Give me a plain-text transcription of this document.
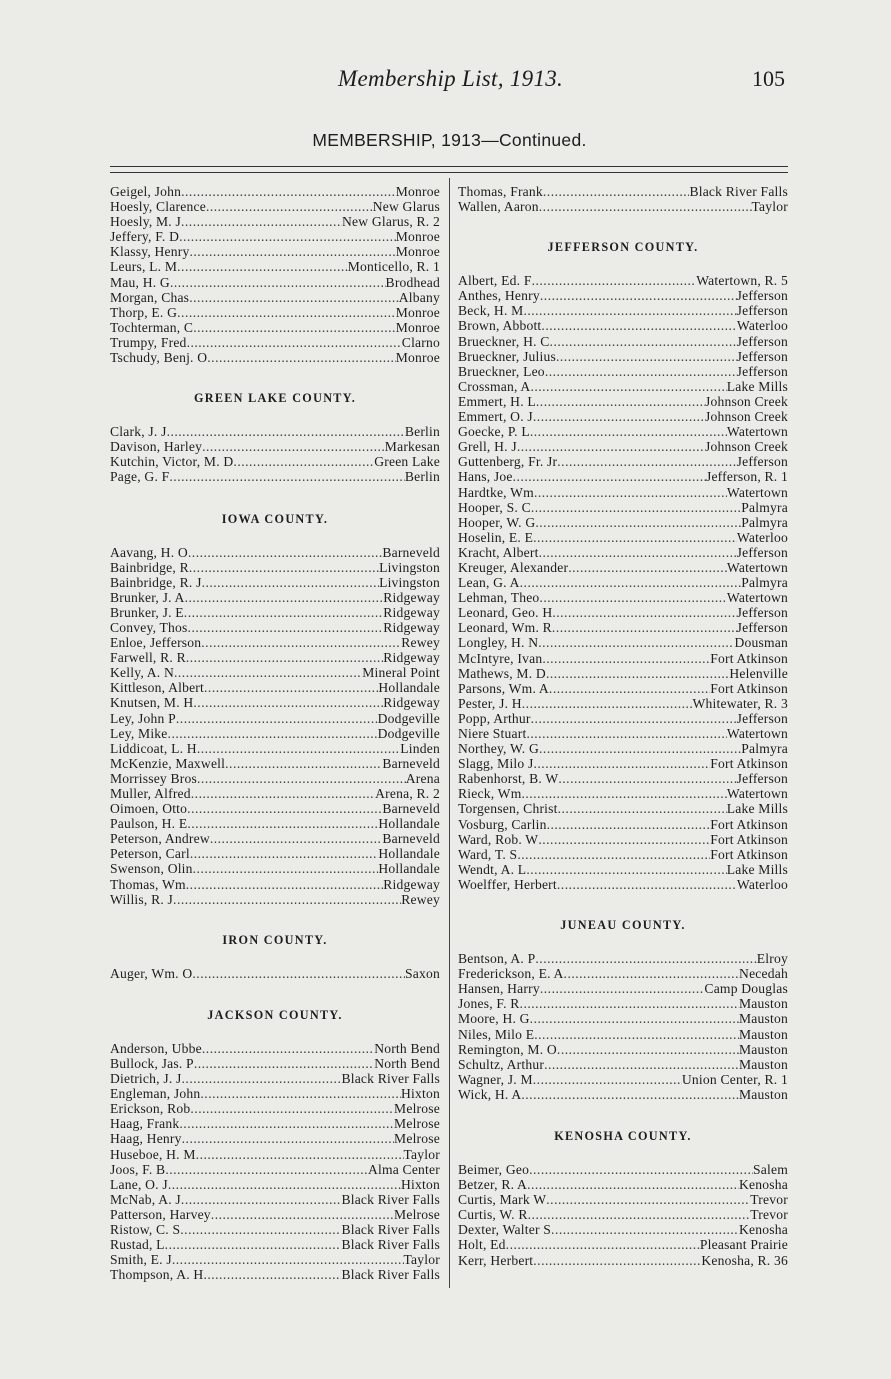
Membership List, 1913.	105
MEMBERSHIP, 1913—Continued.
Geigel, John .....	Monroe
Hoesly, Clarence .....	New Glarus
Hoesly, M. J .....	New Glarus, R. 2
Jeffery, F. D .....	Monroe
Klassy, Henry .....	Monroe
Leurs, L. M .....	Monticello, R. 1
Mau, H. G .....	Brodhead
Morgan, Chas .....	Albany
Thorp, E. G .....	Monroe
Tochterman, C .....	Monroe
Trumpy, Fred .....	Clarno
Tschudy, Benj. O .....	Monroe
GREEN LAKE COUNTY.
Clark, J. J .....	Berlin
Davison, Harley .....	Markesan
Kutchin, Victor, M. D .....	Green Lake
Page, G. F .....	Berlin
IOWA COUNTY.
Aavang, H. O .....	Barneveld
Bainbridge, R .....	Livingston
Bainbridge, R. J .....	Livingston
Brunker, J. A .....	Ridgeway
Brunker, J. E .....	Ridgeway
Convey, Thos .....	Ridgeway
Enloe, Jefferson .....	Rewey
Farwell, R. R .....	Ridgeway
Kelly, A. N .....	Mineral Point
Kittleson, Albert .....	Hollandale
Knutsen, M. H .....	Ridgeway
Ley, John P .....	Dodgeville
Ley, Mike .....	Dodgeville
Liddicoat, L. H .....	Linden
McKenzie, Maxwell .....	Barneveld
Morrissey Bros .....	Arena
Muller, Alfred .....	Arena, R. 2
Oimoen, Otto .....	Barneveld
Paulson, H. E .....	Hollandale
Peterson, Andrew .....	Barneveld
Peterson, Carl .....	Hollandale
Swenson, Olin .....	Hollandale
Thomas, Wm .....	Ridgeway
Willis, R. J .....	Rewey
IRON COUNTY.
Auger, Wm. O .....	Saxon
JACKSON COUNTY.
Anderson, Ubbe .....	North Bend
Bullock, Jas. P .....	North Bend
Dietrich, J. J .....	Black River Falls
Engleman, John .....	Hixton
Erickson, Rob .....	Melrose
Haag, Frank .....	Melrose
Haag, Henry .....	Melrose
Huseboe, H. M .....	Taylor
Joos, F. B .....	Alma Center
Lane, O. J .....	Hixton
McNab, A. J .....	Black River Falls
Patterson, Harvey .....	Melrose
Ristow, C. S .....	Black River Falls
Rustad, L .....	Black River Falls
Smith, E. J .....	Taylor
Thompson, A. H .....	Black River Falls
Thomas, Frank .....	Black River Falls
Wallen, Aaron .....	Taylor
JEFFERSON COUNTY.
Albert, Ed. F .....	Watertown, R. 5
Anthes, Henry .....	Jefferson
Beck, H. M .....	Jefferson
Brown, Abbott .....	Waterloo
Brueckner, H. C .....	Jefferson
Brueckner, Julius .....	Jefferson
Brueckner, Leo .....	Jefferson
Crossman, A .....	Lake Mills
Emmert, H. L .....	Johnson Creek
Emmert, O. J .....	Johnson Creek
Goecke, P. L .....	Watertown
Grell, H. J .....	Johnson Creek
Guttenberg, Fr. Jr .....	Jefferson
Hans, Joe .....	Jefferson, R. 1
Hardtke, Wm .....	Watertown
Hooper, S. C .....	Palmyra
Hooper, W. G .....	Palmyra
Hoselin, E. E .....	Waterloo
Kracht, Albert .....	Jefferson
Kreuger, Alexander .....	Watertown
Lean, G. A .....	Palmyra
Lehman, Theo .....	Watertown
Leonard, Geo. H .....	Jefferson
Leonard, Wm. R .....	Jefferson
Longley, H. N .....	Dousman
McIntyre, Ivan .....	Fort Atkinson
Mathews, M. D .....	Helenville
Parsons, Wm. A .....	Fort Atkinson
Pester, J. H .....	Whitewater, R. 3
Popp, Arthur .....	Jefferson
Niere Stuart .....	Watertown
Northey, W. G .....	Palmyra
Slagg, Milo J .....	Fort Atkinson
Rabenhorst, B. W .....	Jefferson
Rieck, Wm .....	Watertown
Torgensen, Christ .....	Lake Mills
Vosburg, Carlin .....	Fort Atkinson
Ward, Rob. W .....	Fort Atkinson
Ward, T. S .....	Fort Atkinson
Wendt, A. L .....	Lake Mills
Woelffer, Herbert .....	Waterloo
JUNEAU COUNTY.
Bentson, A. P .....	Elroy
Frederickson, E. A .....	Necedah
Hansen, Harry .....	Camp Douglas
Jones, F. R .....	Mauston
Moore, H. G .....	Mauston
Niles, Milo E .....	Mauston
Remington, M. O .....	Mauston
Schultz, Arthur .....	Mauston
Wagner, J. M .....	Union Center, R. 1
Wick, H. A .....	Mauston
KENOSHA COUNTY.
Beimer, Geo .....	Salem
Betzer, R. A .....	Kenosha
Curtis, Mark W .....	Trevor
Curtis, W. R .....	Trevor
Dexter, Walter S .....	Kenosha
Holt, Ed .....	Pleasant Prairie
Kerr, Herbert .....	Kenosha, R. 36
